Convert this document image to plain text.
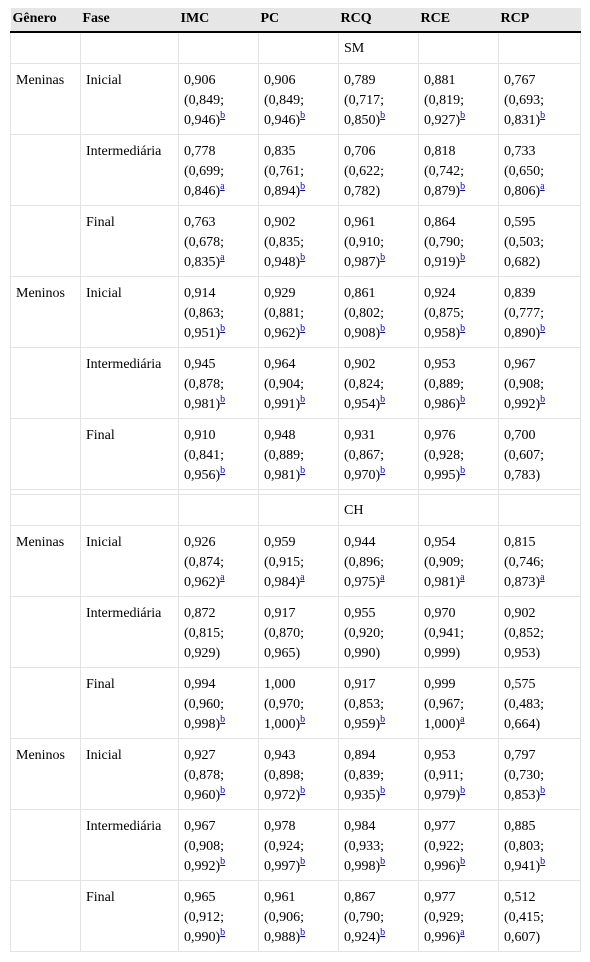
Gênero	Fase	IMC	PC	RCQ	RCE	RCP
				SM		
Meninas	Inicial	0,906
(0,849;
0,946)$^b$	0,906
(0,849;
0,946)$^b$	0,789
(0,717;
0,850)$^b$	0,881
(0,819;
0,927)$^b$	0,767
(0,693;
0,831)$^b$
	Intermediária	0,778
(0,699;
0,846)$^a$	0,835
(0,761;
0,894)$^b$	0,706
(0,622;
0,782)	0,818
(0,742;
0,879)$^b$	0,733
(0,650;
0,806)$^a$
	Final	0,763
(0,678;
0,835)$^a$	0,902
(0,835;
0,948)$^b$	0,961
(0,910;
0,987)$^b$	0,864
(0,790;
0,919)$^b$	0,595
(0,503;
0,682)
Meninos	Inicial	0,914
(0,863;
0,951)$^b$	0,929
(0,881;
0,962)$^b$	0,861
(0,802;
0,908)$^b$	0,924
(0,875;
0,958)$^b$	0,839
(0,777;
0,890)$^b$
	Intermediária	0,945
(0,878;
0,981)$^b$	0,964
(0,904;
0,991)$^b$	0,902
(0,824;
0,954)$^b$	0,953
(0,889;
0,986)$^b$	0,967
(0,908;
0,992)$^b$
	Final	0,910
(0,841;
0,956)$^b$	0,948
(0,889;
0,981)$^b$	0,931
(0,867;
0,970)$^b$	0,976
(0,928;
0,995)$^b$	0,700
(0,607;
0,783)

				CH		
Meninas	Inicial	0,926
(0,874;
0,962)$^a$	0,959
(0,915;
0,984)$^a$	0,944
(0,896;
0,975)$^a$	0,954
(0,909;
0,981)$^a$	0,815
(0,746;
0,873)$^a$
	Intermediária	0,872
(0,815;
0,929)	0,917
(0,870;
0,965)	0,955
(0,920;
0,990)	0,970
(0,941;
0,999)	0,902
(0,852;
0,953)
	Final	0,994
(0,960;
0,998)$^b$	1,000
(0,970;
1,000)$^b$	0,917
(0,853;
0,959)$^b$	0,999
(0,967;
1,000)$^a$	0,575
(0,483;
0,664)
Meninos	Inicial	0,927
(0,878;
0,960)$^b$	0,943
(0,898;
0,972)$^b$	0,894
(0,839;
0,935)$^b$	0,953
(0,911;
0,979)$^b$	0,797
(0,730;
0,853)$^b$
	Intermediária	0,967
(0,908;
0,992)$^b$	0,978
(0,924;
0,997)$^b$	0,984
(0,933;
0,998)$^b$	0,977
(0,922;
0,996)$^b$	0,885
(0,803;
0,941)$^b$
	Final	0,965
(0,912;
0,990)$^b$	0,961
(0,906;
0,988)$^b$	0,867
(0,790;
0,924)$^b$	0,977
(0,929;
0,996)$^a$	0,512
(0,415;
0,607)
